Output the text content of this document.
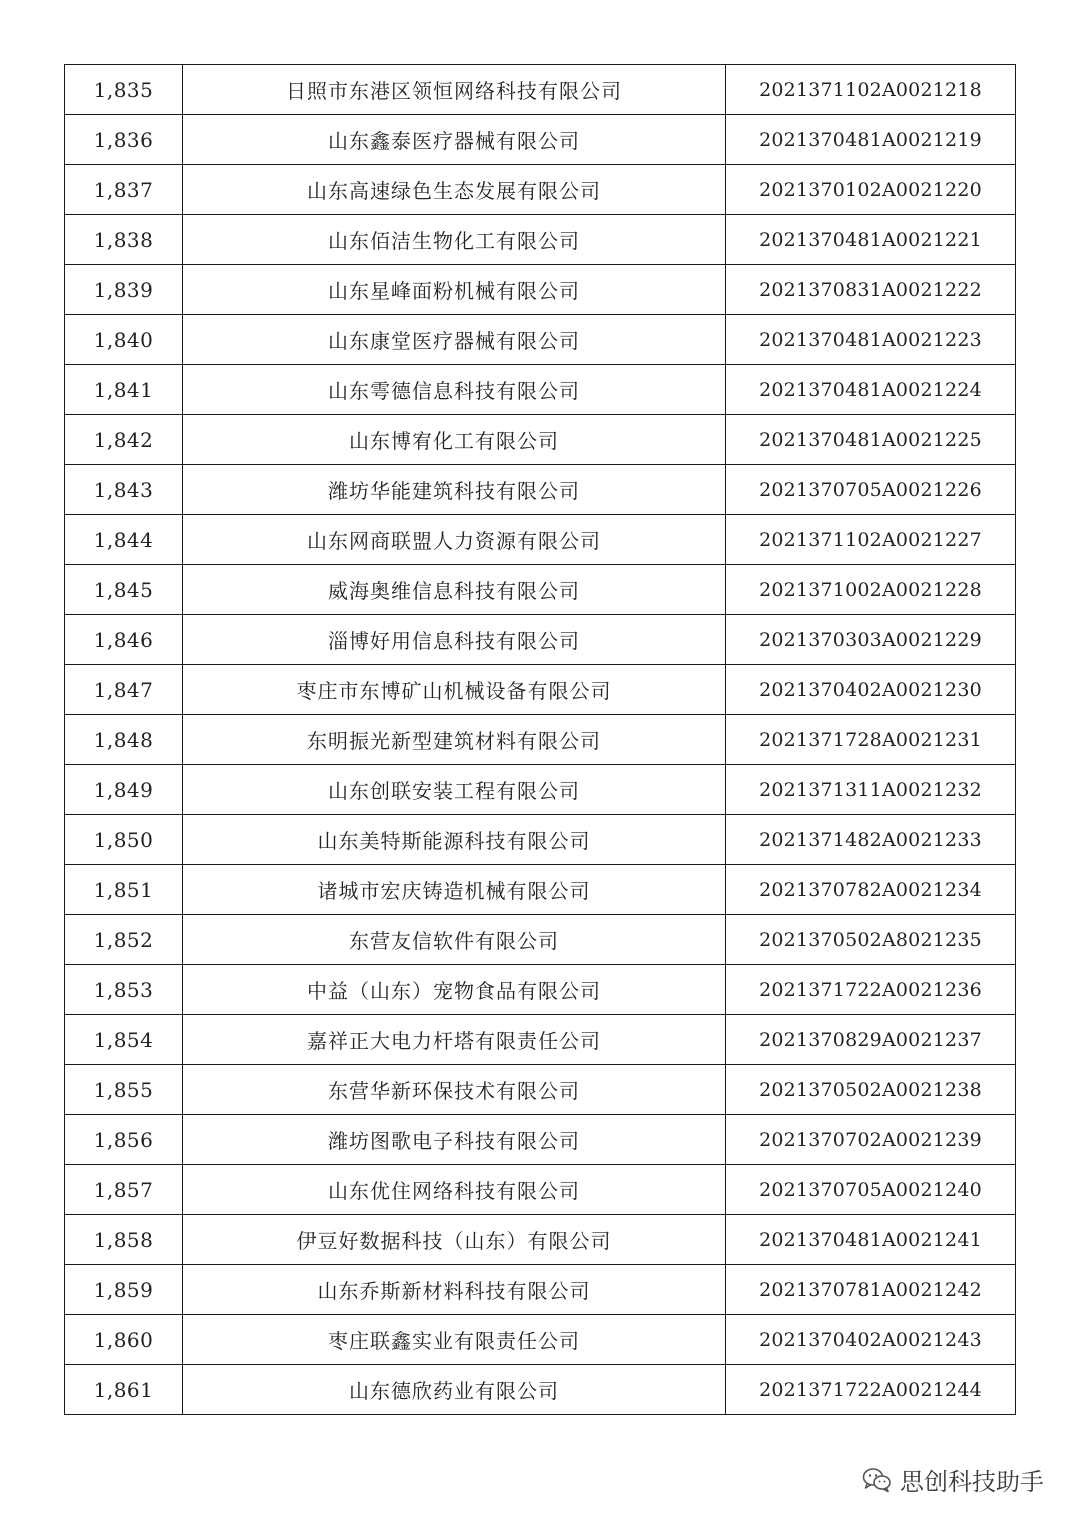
1,835	日照市东港区领恒网络科技有限公司	2021371102A0021218
1,836	山东鑫泰医疗器械有限公司	2021370481A0021219
1,837	山东高速绿色生态发展有限公司	2021370102A0021220
1,838	山东佰洁生物化工有限公司	2021370481A0021221
1,839	山东星峰面粉机械有限公司	2021370831A0021222
1,840	山东康堂医疗器械有限公司	2021370481A0021223
1,841	山东雩德信息科技有限公司	2021370481A0021224
1,842	山东博宥化工有限公司	2021370481A0021225
1,843	潍坊华能建筑科技有限公司	2021370705A0021226
1,844	山东网商联盟人力资源有限公司	2021371102A0021227
1,845	威海奥维信息科技有限公司	2021371002A0021228
1,846	淄博好用信息科技有限公司	2021370303A0021229
1,847	枣庄市东博矿山机械设备有限公司	2021370402A0021230
1,848	东明振光新型建筑材料有限公司	2021371728A0021231
1,849	山东创联安装工程有限公司	2021371311A0021232
1,850	山东美特斯能源科技有限公司	2021371482A0021233
1,851	诸城市宏庆铸造机械有限公司	2021370782A0021234
1,852	东营友信软件有限公司	2021370502A8021235
1,853	中益（山东）宠物食品有限公司	2021371722A0021236
1,854	嘉祥正大电力杆塔有限责任公司	2021370829A0021237
1,855	东营华新环保技术有限公司	2021370502A0021238
1,856	潍坊图歌电子科技有限公司	2021370702A0021239
1,857	山东优住网络科技有限公司	2021370705A0021240
1,858	伊豆好数据科技（山东）有限公司	2021370481A0021241
1,859	山东乔斯新材料科技有限公司	2021370781A0021242
1,860	枣庄联鑫实业有限责任公司	2021370402A0021243
1,861	山东德欣药业有限公司	2021371722A0021244
思创科技助手
